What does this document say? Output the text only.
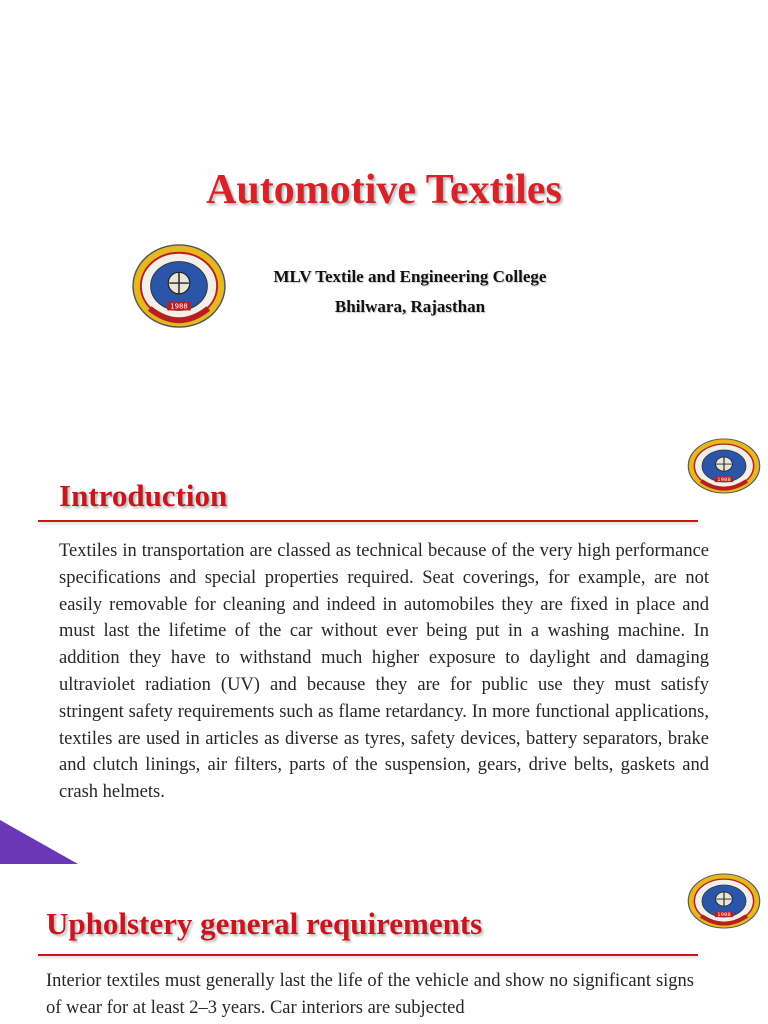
Automotive Textiles
1988
MLV Textile and Engineering College
Bhilwara, Rajasthan
Introduction	1988

Textiles in transportation are classed as technical because of the very high performance specifications and special properties required. Seat coverings, for example, are not easily removable for cleaning and indeed in automobiles they are fixed in place and must last the lifetime of the car without ever being put in a washing machine. In addition they have to withstand much higher exposure to daylight and damaging ultraviolet radiation (UV) and because they are for public use they must satisfy stringent safety requirements such as flame retardancy. In more functional applications, textiles are used in articles as diverse as tyres, safety devices, battery separators, brake and clutch linings, air filters, parts of the suspension, gears, drive belts, gaskets and crash helmets.

Upholstery general requirements	1988

Interior textiles must generally last the life of the vehicle and show no significant signs of wear for at least 2–3 years. Car interiors are subjected
